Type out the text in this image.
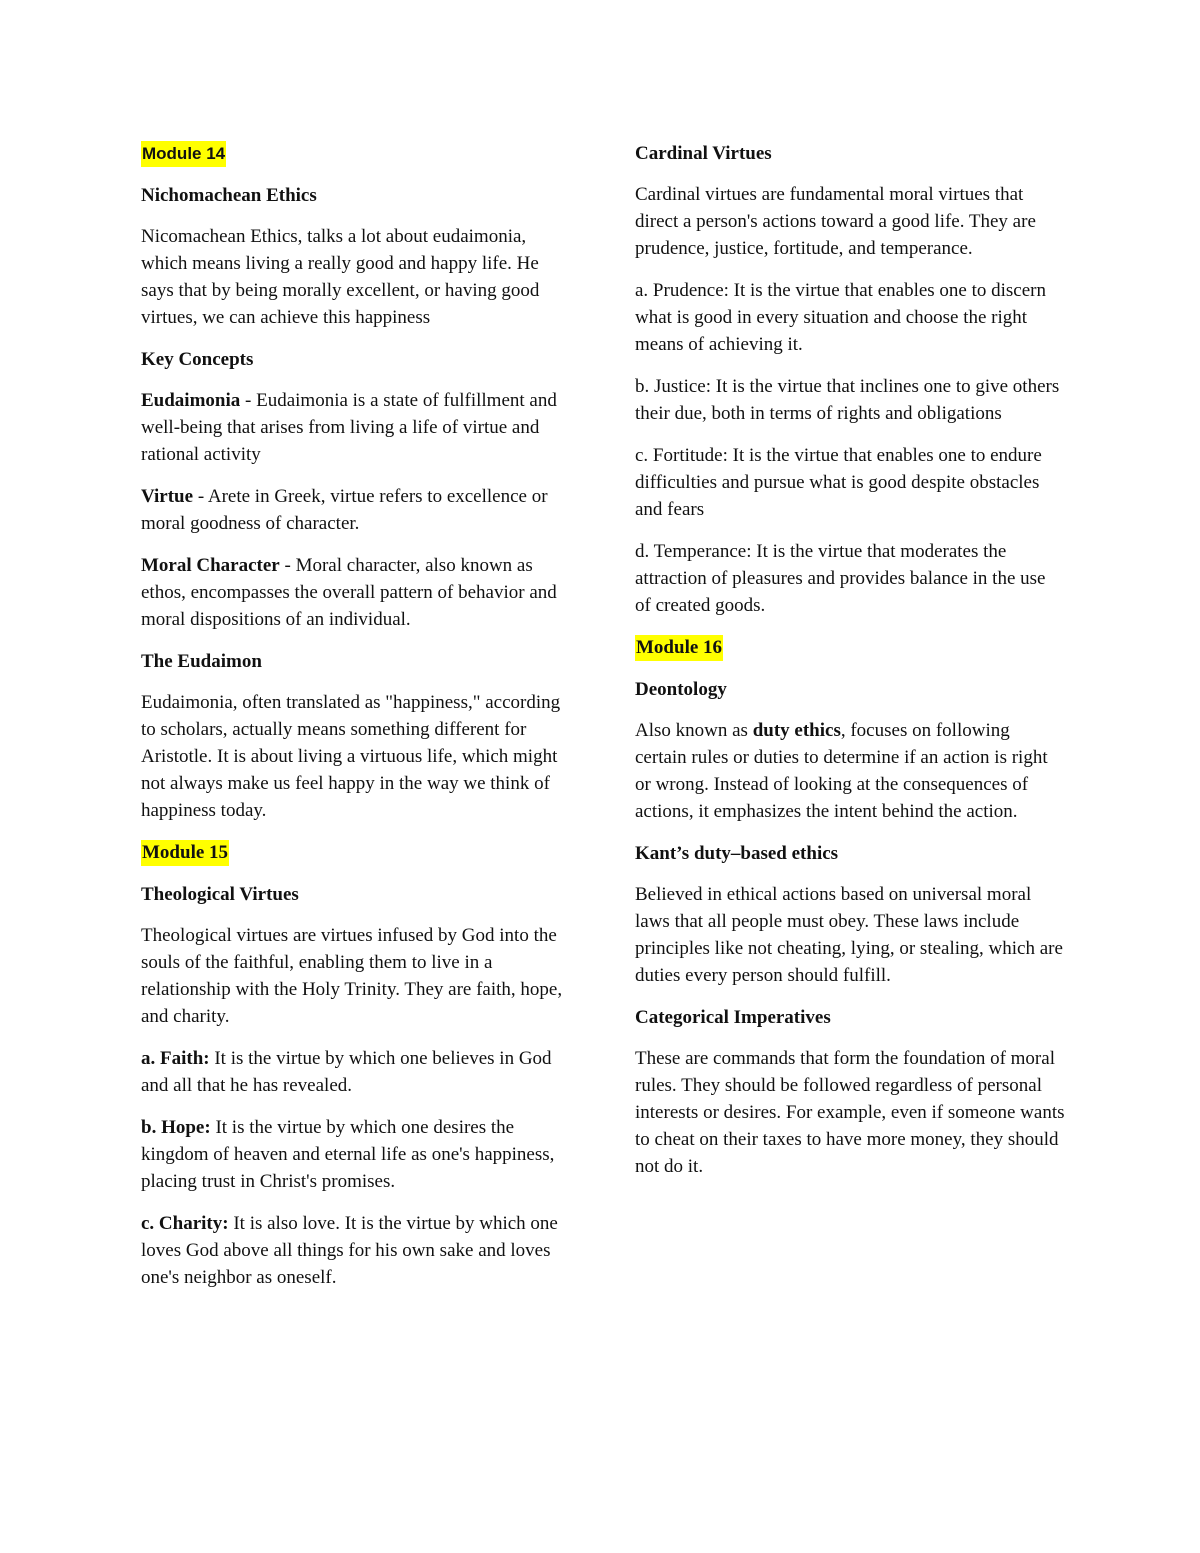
Module 14

Nichomachean Ethics

Nicomachean Ethics, talks a lot about eudaimonia, which means living a really good and happy life. He says that by being morally excellent, or having good virtues, we can achieve this happiness

Key Concepts

Eudaimonia - Eudaimonia is a state of fulfillment and well-being that arises from living a life of virtue and rational activity

Virtue - Arete in Greek, virtue refers to excellence or moral goodness of character.

Moral Character - Moral character, also known as ethos, encompasses the overall pattern of behavior and moral dispositions of an individual.

The Eudaimon

Eudaimonia, often translated as "happiness," according to scholars, actually means something different for Aristotle. It is about living a virtuous life, which might not always make us feel happy in the way we think of happiness today.

Module 15

Theological Virtues

Theological virtues are virtues infused by God into the souls of the faithful, enabling them to live in a relationship with the Holy Trinity. They are faith, hope, and charity.

a. Faith: It is the virtue by which one believes in God and all that he has revealed.

b. Hope: It is the virtue by which one desires the kingdom of heaven and eternal life as one's happiness, placing trust in Christ's promises.

c. Charity: It is also love. It is the virtue by which one loves God above all things for his own sake and loves one's neighbor as oneself.

Cardinal Virtues

Cardinal virtues are fundamental moral virtues that direct a person's actions toward a good life. They are prudence, justice, fortitude, and temperance.

a. Prudence: It is the virtue that enables one to discern what is good in every situation and choose the right means of achieving it.

b. Justice: It is the virtue that inclines one to give others their due, both in terms of rights and obligations

c. Fortitude: It is the virtue that enables one to endure difficulties and pursue what is good despite obstacles and fears

d. Temperance: It is the virtue that moderates the attraction of pleasures and provides balance in the use of created goods.

Module 16

Deontology

Also known as duty ethics, focuses on following certain rules or duties to determine if an action is right or wrong. Instead of looking at the consequences of actions, it emphasizes the intent behind the action.

Kant’s duty–based ethics

Believed in ethical actions based on universal moral laws that all people must obey. These laws include principles like not cheating, lying, or stealing, which are duties every person should fulfill.

Categorical Imperatives

These are commands that form the foundation of moral rules. They should be followed regardless of personal interests or desires. For example, even if someone wants to cheat on their taxes to have more money, they should not do it.
